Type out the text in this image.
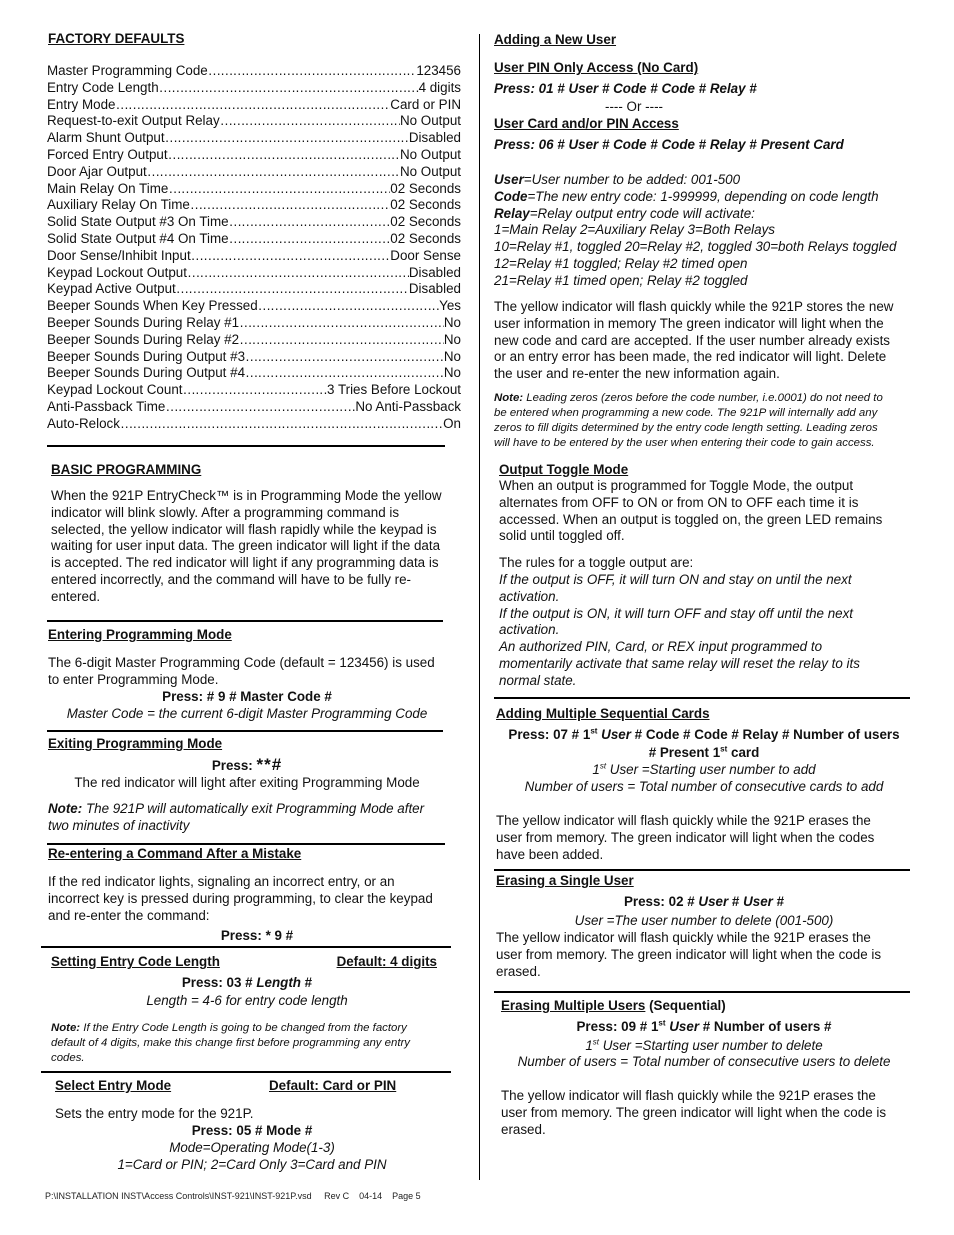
FACTORY DEFAULTS
Master Programming Code ……………………………………………………………………………………………………………………………………………	123456
Entry Code Length ……………………………………………………………………………………………………………………………………………	4 digits
Entry Mode ……………………………………………………………………………………………………………………………………………	Card or PIN
Request-to-exit Output Relay ……………………………………………………………………………………………………………………………………………	No Output
Alarm Shunt Output ……………………………………………………………………………………………………………………………………………	Disabled
Forced Entry Output ……………………………………………………………………………………………………………………………………………	No Output
Door Ajar Output ……………………………………………………………………………………………………………………………………………	No Output
Main Relay On Time ……………………………………………………………………………………………………………………………………………	02 Seconds
Auxiliary Relay On Time ……………………………………………………………………………………………………………………………………………	02 Seconds
Solid State Output #3 On Time ……………………………………………………………………………………………………………………………………………	02 Seconds
Solid State Output #4 On Time ……………………………………………………………………………………………………………………………………………	02 Seconds
Door Sense/Inhibit Input ……………………………………………………………………………………………………………………………………………	Door Sense
Keypad Lockout Output ……………………………………………………………………………………………………………………………………………	Disabled
Keypad Active Output ……………………………………………………………………………………………………………………………………………	Disabled
Beeper Sounds When Key Pressed ……………………………………………………………………………………………………………………………………………	Yes
Beeper Sounds During Relay #1 ……………………………………………………………………………………………………………………………………………	No
Beeper Sounds During Relay #2 ……………………………………………………………………………………………………………………………………………	No
Beeper Sounds During Output #3 ……………………………………………………………………………………………………………………………………………	No
Beeper Sounds During Output #4 ……………………………………………………………………………………………………………………………………………	No
Keypad Lockout Count ……………………………………………………………………………………………………………………………………………	3 Tries Before Lockout
Anti-Passback Time ……………………………………………………………………………………………………………………………………………	No Anti-Passback
Auto-Relock ……………………………………………………………………………………………………………………………………………	On
BASIC PROGRAMMING
When the 921P EntryCheck™ is in Programming Mode the yellow
indicator will blink slowly. After a programming command is
selected, the yellow indicator will flash rapidly while the keypad is
waiting for user input data. The green indicator will light if the data
is accepted. The red indicator will light if any programming data is
entered incorrectly, and the command will have to be fully re-
entered.
Entering Programming Mode
The 6-digit Master Programming Code (default = 123456) is used
to enter Programming Mode.
Press: # 9 # Master Code #
Master Code = the current 6-digit Master Programming Code
Exiting Programming Mode
Press: **#
The red indicator will light after exiting Programming Mode
Note: The 921P will automatically exit Programming Mode after
two minutes of inactivity
Re-entering a Command After a Mistake
If the red indicator lights, signaling an incorrect entry, or an
incorrect key is pressed during programming, to clear the keypad
and re-enter the command:
Press: * 9 #
Setting Entry Code Length	Default: 4 digits
Press: 03 # Length #
Length = 4-6 for entry code length
Note: If the Entry Code Length is going to be changed from the factory
default of 4 digits, make this change first before programming any entry
codes.
Select Entry Mode	Default: Card or PIN
Sets the entry mode for the 921P.
Press: 05 # Mode #
Mode=Operating Mode(1-3)
1=Card or PIN; 2=Card Only 3=Card and PIN
Adding a New User
User PIN Only Access (No Card)
Press: 01 # User # Code # Code # Relay #
---- Or ----
User Card and/or PIN Access
Press: 06 # User # Code # Code # Relay # Present Card
User=User number to be added: 001-500
Code=The new entry code: 1-999999, depending on code length
Relay=Relay output entry code will activate:
1=Main Relay 2=Auxiliary Relay 3=Both Relays
10=Relay #1, toggled 20=Relay #2, toggled 30=both Relays toggled
12=Relay #1 toggled; Relay #2 timed open
21=Relay #1 timed open; Relay #2 toggled
The yellow indicator will flash quickly while the 921P stores the new
user information in memory The green indicator will light when the
new code and card are accepted. If the user number already exists
or an entry error has been made, the red indicator will light. Delete
the user and re-enter the new information again.
Note: Leading zeros (zeros before the code number, i.e.0001) do not need to
be entered when programming a new code. The 921P will internally add any
zeros to fill digits determined by the entry code length setting. Leading zeros
will have to be entered by the user when entering their code to gain access.
Output Toggle Mode
When an output is programmed for Toggle Mode, the output
alternates from OFF to ON or from ON to OFF each time it is
accessed. When an output is toggled on, the green LED remains
solid until toggled off.
The rules for a toggle output are:
If the output is OFF, it will turn ON and stay on until the next
activation.
If the output is ON, it will turn OFF and stay off until the next
activation.
An authorized PIN, Card, or REX input programmed to
momentarily activate that same relay will reset the relay to its
normal state.
Adding Multiple Sequential Cards
Press: 07 # 1st User # Code # Code # Relay # Number of users
# Present 1st card
1st User =Starting user number to add
Number of users = Total number of consecutive cards to add
The yellow indicator will flash quickly while the 921P erases the
user from memory. The green indicator will light when the codes
have been added.
Erasing a Single User
Press: 02 # User # User #
User =The user number to delete (001-500)
The yellow indicator will flash quickly while the 921P erases the
user from memory. The green indicator will light when the code is
erased.
Erasing Multiple Users (Sequential)
Press: 09 # 1st User # Number of users #
1st User =Starting user number to delete
Number of users = Total number of consecutive users to delete
The yellow indicator will flash quickly while the 921P erases the
user from memory. The green indicator will light when the code is
erased.
P:\INSTALLATION INST\Access Controls\INST-921\INST-921P.vsd     Rev C    04-14    Page 5
